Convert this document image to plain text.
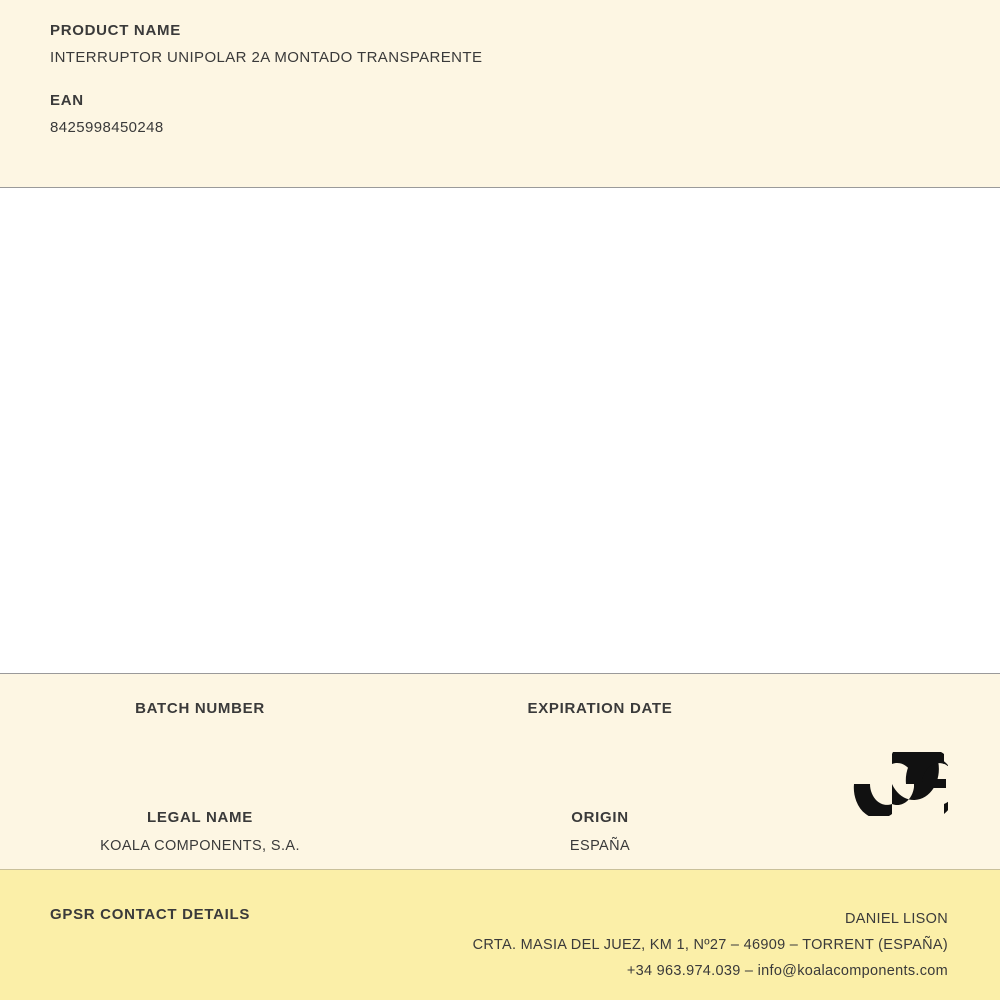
PRODUCT NAME
INTERRUPTOR UNIPOLAR 2A MONTADO TRANSPARENTE
EAN
8425998450248
BATCH NUMBER	EXPIRATION DATE
LEGAL NAME
KOALA COMPONENTS, S.A.
ORIGIN
ESPAÑA
GPSR CONTACT DETAILS	DANIEL LISON
CRTA. MASIA DEL JUEZ, KM 1, Nº27 – 46909 – TORRENT (ESPAÑA)
+34 963.974.039 – info@koalacomponents.com
